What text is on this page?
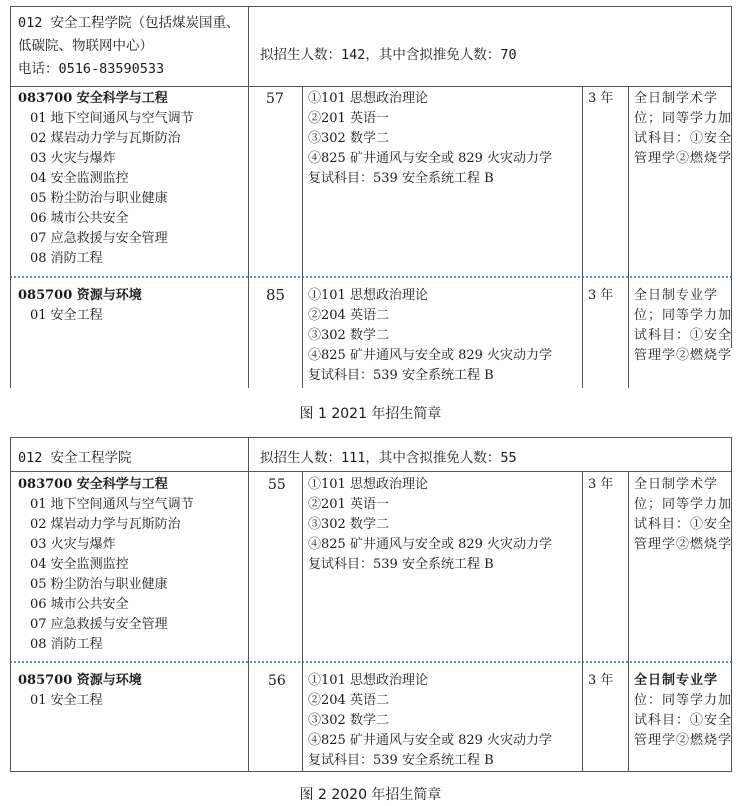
012 安全工程学院（包括煤炭国重、
低碳院、物联网中心）
电话：0516-83590533
拟招生人数：142，其中含拟推免人数：70
083700 安全科学与工程
01 地下空间通风与空气调节
02 煤岩动力学与瓦斯防治
03 火灾与爆炸
04 安全监测监控
05 粉尘防治与职业健康
06 城市公共安全
07 应急救援与安全管理
08 消防工程
57 ①101 思想政治理论
②201 英语一
③302 数学二
④825 矿井通风与安全或 829 火灾动力学
复试科目：539 安全系统工程 B
3 年 全日制学术学
位；同等学力加
试科目：①安全
管理学②燃烧学
085700 资源与环境
01 安全工程
85 ①101 思想政治理论
②204 英语二
③302 数学二
④825 矿井通风与安全或 829 火灾动力学
复试科目：539 安全系统工程 B
3 年 全日制专业学
位；同等学力加
试科目：①安全
管理学②燃烧学
图 1 2021 年招生简章
012 安全工程学院	拟招生人数：111，其中含拟推免人数：55
083700 安全科学与工程
01 地下空间通风与空气调节
02 煤岩动力学与瓦斯防治
03 火灾与爆炸
04 安全监测监控
05 粉尘防治与职业健康
06 城市公共安全
07 应急救援与安全管理
08 消防工程
55 ①101 思想政治理论
②201 英语一
③302 数学二
④825 矿井通风与安全或 829 火灾动力学
复试科目：539 安全系统工程 B
3 年 全日制学术学
位；同等学力加
试科目：①安全
管理学②燃烧学
085700 资源与环境
01 安全工程
56 ①101 思想政治理论
②204 英语二
③302 数学二
④825 矿井通风与安全或 829 火灾动力学
复试科目：539 安全系统工程 B
3 年 全日制专业学
位：同等学力加
试科目：①安全
管理学②燃烧学
图 2 2020 年招生简章
